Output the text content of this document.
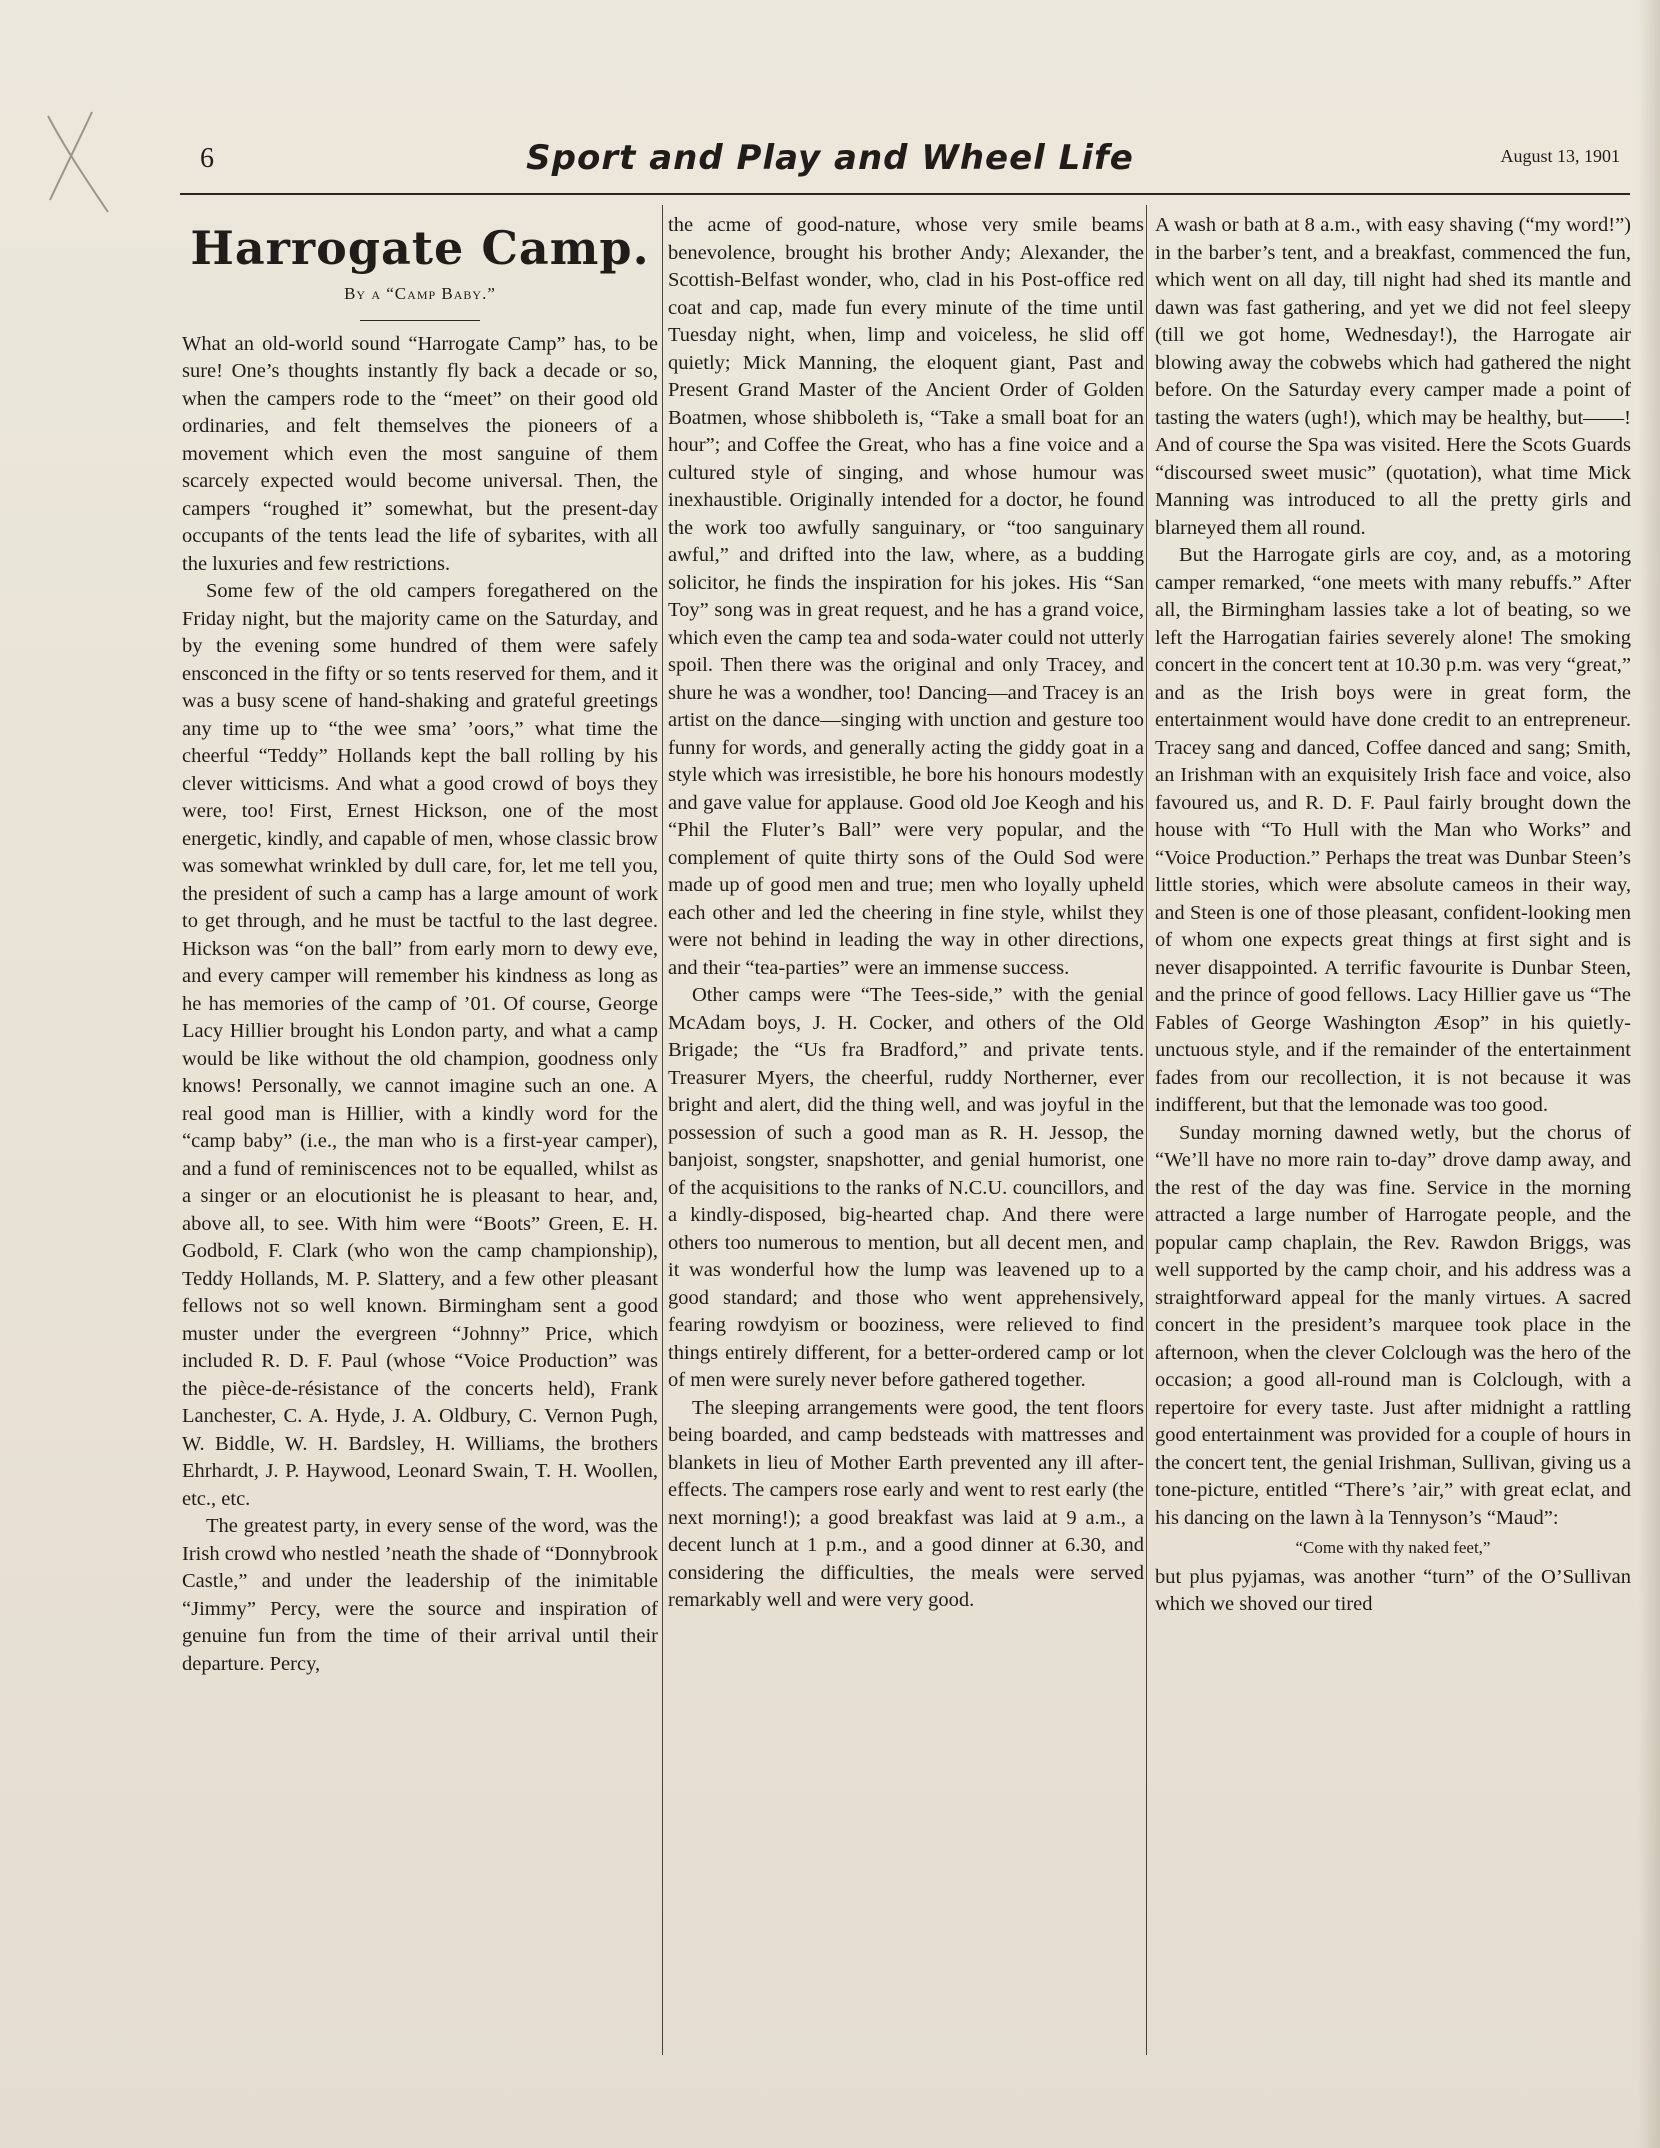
6	Sport and Play and Wheel Life	August 13, 1901
Harrogate Camp.
By a “Camp Baby.”

What an old-world sound “Harrogate Camp” has, to be sure! One’s thoughts instantly fly back a decade or so, when the campers rode to the “meet” on their good old ordinaries, and felt themselves the pioneers of a movement which even the most sanguine of them scarcely expected would become universal. Then, the campers “roughed it” somewhat, but the present-day occupants of the tents lead the life of sybarites, with all the luxuries and few restrictions.

Some few of the old campers foregathered on the Friday night, but the majority came on the Saturday, and by the evening some hundred of them were safely ensconced in the fifty or so tents reserved for them, and it was a busy scene of hand-shaking and grateful greetings any time up to “the wee sma’ ’oors,” what time the cheerful “Teddy” Hollands kept the ball rolling by his clever witticisms. And what a good crowd of boys they were, too! First, Ernest Hickson, one of the most energetic, kindly, and capable of men, whose classic brow was somewhat wrinkled by dull care, for, let me tell you, the president of such a camp has a large amount of work to get through, and he must be tactful to the last degree. Hickson was “on the ball” from early morn to dewy eve, and every camper will remember his kindness as long as he has memories of the camp of ’01. Of course, George Lacy Hillier brought his London party, and what a camp would be like without the old champion, goodness only knows! Personally, we cannot imagine such an one. A real good man is Hillier, with a kindly word for the “camp baby” (i.e., the man who is a first-year camper), and a fund of reminiscences not to be equalled, whilst as a singer or an elocutionist he is pleasant to hear, and, above all, to see. With him were “Boots” Green, E. H. Godbold, F. Clark (who won the camp championship), Teddy Hollands, M. P. Slattery, and a few other pleasant fellows not so well known. Birmingham sent a good muster under the evergreen “Johnny” Price, which included R. D. F. Paul (whose “Voice Production” was the pièce-de-résistance of the concerts held), Frank Lanchester, C. A. Hyde, J. A. Oldbury, C. Vernon Pugh, W. Biddle, W. H. Bardsley, H. Williams, the brothers Ehrhardt, J. P. Haywood, Leonard Swain, T. H. Woollen, etc., etc.

The greatest party, in every sense of the word, was the Irish crowd who nestled ’neath the shade of “Donnybrook Castle,” and under the leadership of the inimitable “Jimmy” Percy, were the source and inspiration of genuine fun from the time of their arrival until their departure. Percy,

the acme of good-nature, whose very smile beams benevolence, brought his brother Andy; Alexander, the Scottish-Belfast wonder, who, clad in his Post-office red coat and cap, made fun every minute of the time until Tuesday night, when, limp and voiceless, he slid off quietly; Mick Manning, the eloquent giant, Past and Present Grand Master of the Ancient Order of Golden Boatmen, whose shibboleth is, “Take a small boat for an hour”; and Coffee the Great, who has a fine voice and a cultured style of singing, and whose humour was inexhaustible. Originally intended for a doctor, he found the work too awfully sanguinary, or “too sanguinary awful,” and drifted into the law, where, as a budding solicitor, he finds the inspiration for his jokes. His “San Toy” song was in great request, and he has a grand voice, which even the camp tea and soda-water could not utterly spoil. Then there was the original and only Tracey, and shure he was a wondher, too! Dancing—and Tracey is an artist on the dance—singing with unction and gesture too funny for words, and generally acting the giddy goat in a style which was irresistible, he bore his honours modestly and gave value for applause. Good old Joe Keogh and his “Phil the Fluter’s Ball” were very popular, and the complement of quite thirty sons of the Ould Sod were made up of good men and true; men who loyally upheld each other and led the cheering in fine style, whilst they were not behind in leading the way in other directions, and their “tea-parties” were an immense success.

Other camps were “The Tees-side,” with the genial McAdam boys, J. H. Cocker, and others of the Old Brigade; the “Us fra Bradford,” and private tents. Treasurer Myers, the cheerful, ruddy Northerner, ever bright and alert, did the thing well, and was joyful in the possession of such a good man as R. H. Jessop, the banjoist, songster, snapshotter, and genial humorist, one of the acquisitions to the ranks of N.C.U. councillors, and a kindly-disposed, big-hearted chap. And there were others too numerous to mention, but all decent men, and it was wonderful how the lump was leavened up to a good standard; and those who went apprehensively, fearing rowdyism or booziness, were relieved to find things entirely different, for a better-ordered camp or lot of men were surely never before gathered together.

The sleeping arrangements were good, the tent floors being boarded, and camp bedsteads with mattresses and blankets in lieu of Mother Earth prevented any ill after-effects. The campers rose early and went to rest early (the next morning!); a good breakfast was laid at 9 a.m., a decent lunch at 1 p.m., and a good dinner at 6.30, and considering the difficulties, the meals were served remarkably well and were very good.

A wash or bath at 8 a.m., with easy shaving (“my word!”) in the barber’s tent, and a breakfast, commenced the fun, which went on all day, till night had shed its mantle and dawn was fast gathering, and yet we did not feel sleepy (till we got home, Wednesday!), the Harrogate air blowing away the cobwebs which had gathered the night before. On the Saturday every camper made a point of tasting the waters (ugh!), which may be healthy, but——! And of course the Spa was visited. Here the Scots Guards “discoursed sweet music” (quotation), what time Mick Manning was introduced to all the pretty girls and blarneyed them all round.

But the Harrogate girls are coy, and, as a motoring camper remarked, “one meets with many rebuffs.” After all, the Birmingham lassies take a lot of beating, so we left the Harrogatian fairies severely alone! The smoking concert in the concert tent at 10.30 p.m. was very “great,” and as the Irish boys were in great form, the entertainment would have done credit to an entrepreneur. Tracey sang and danced, Coffee danced and sang; Smith, an Irishman with an exquisitely Irish face and voice, also favoured us, and R. D. F. Paul fairly brought down the house with “To Hull with the Man who Works” and “Voice Production.” Perhaps the treat was Dunbar Steen’s little stories, which were absolute cameos in their way, and Steen is one of those pleasant, confident-looking men of whom one expects great things at first sight and is never disappointed. A terrific favourite is Dunbar Steen, and the prince of good fellows. Lacy Hillier gave us “The Fables of George Washington Æsop” in his quietly-unctuous style, and if the remainder of the entertainment fades from our recollection, it is not because it was indifferent, but that the lemonade was too good.

Sunday morning dawned wetly, but the chorus of “We’ll have no more rain to-day” drove damp away, and the rest of the day was fine. Service in the morning attracted a large number of Harrogate people, and the popular camp chaplain, the Rev. Rawdon Briggs, was well supported by the camp choir, and his address was a straightforward appeal for the manly virtues. A sacred concert in the president’s marquee took place in the afternoon, when the clever Colclough was the hero of the occasion; a good all-round man is Colclough, with a repertoire for every taste. Just after midnight a rattling good entertainment was provided for a couple of hours in the concert tent, the genial Irishman, Sullivan, giving us a tone-picture, entitled “There’s ’air,” with great eclat, and his dancing on the lawn à la Tennyson’s “Maud”:

“Come with thy naked feet,”

but plus pyjamas, was another “turn” of the O’Sullivan which we shoved our tired
